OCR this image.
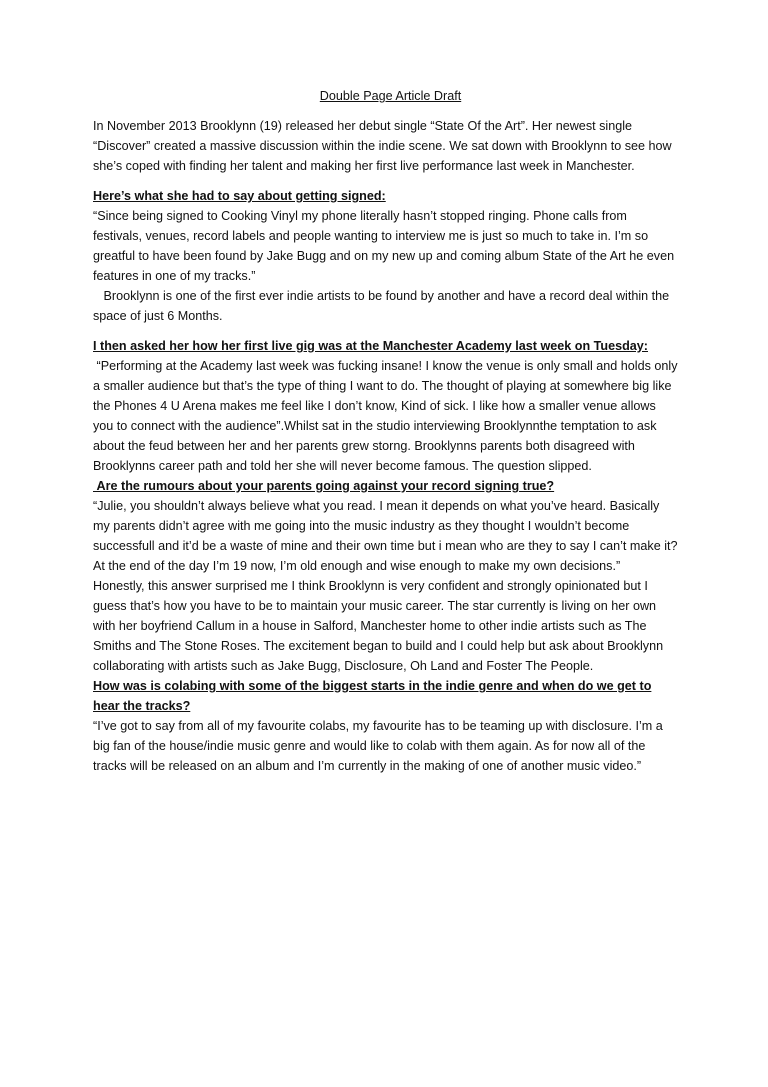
Double Page Article Draft

In November 2013 Brooklynn (19) released her debut single “State Of the Art”. Her newest single “Discover” created a massive discussion within the indie scene. We sat down with Brooklynn to see how she’s coped with finding her talent and making her first live performance last week in Manchester.

Here’s what she had to say about getting signed:

“Since being signed to Cooking Vinyl my phone literally hasn’t stopped ringing. Phone calls from festivals, venues, record labels and people wanting to interview me is just so much to take in. I’m so greatful to have been found by Jake Bugg and on my new up and coming album State of the Art he even features in one of my tracks.”

Brooklynn is one of the first ever indie artists to be found by another and have a record deal within the space of just 6 Months.

I then asked her how her first live gig was at the Manchester Academy last week on Tuesday:

“Performing at the Academy last week was fucking insane! I know the venue is only small and holds only a smaller audience but that’s the type of thing I want to do. The thought of playing at somewhere big like the Phones 4 U Arena makes me feel like I don’t know, Kind of sick. I like how a smaller venue allows you to connect with the audience”.Whilst sat in the studio interviewing Brooklynnthe temptation to ask about the feud between her and her parents grew storng. Brooklynns parents both disagreed with Brooklynns career path and told her she will never become famous. The question slipped.

Are the rumours about your parents going against your record signing true?

“Julie, you shouldn’t always believe what you read. I mean it depends on what you’ve heard. Basically my parents didn’t agree with me going into the music industry as they thought I wouldn’t become successfull and it’d be a waste of mine and their own time but i mean who are they to say I can’t make it? At the end of the day I’m 19 now, I’m old enough and wise enough to make my own decisions.”

Honestly, this answer surprised me I think Brooklynn is very confident and strongly opinionated but I guess that’s how you have to be to maintain your music career. The star currently is living on her own with her boyfriend Callum in a house in Salford, Manchester home to other indie artists such as The Smiths and The Stone Roses. The excitement began to build and I could help but ask about Brooklynn collaborating with artists such as Jake Bugg, Disclosure, Oh Land and Foster The People.

How was is colabing with some of the biggest starts in the indie genre and when do we get to hear the tracks?

“I’ve got to say from all of my favourite colabs, my favourite has to be teaming up with disclosure. I’m a big fan of the house/indie music genre and would like to colab with them again. As for now all of the tracks will be released on an album and I’m currently in the making of one of another music video.”
